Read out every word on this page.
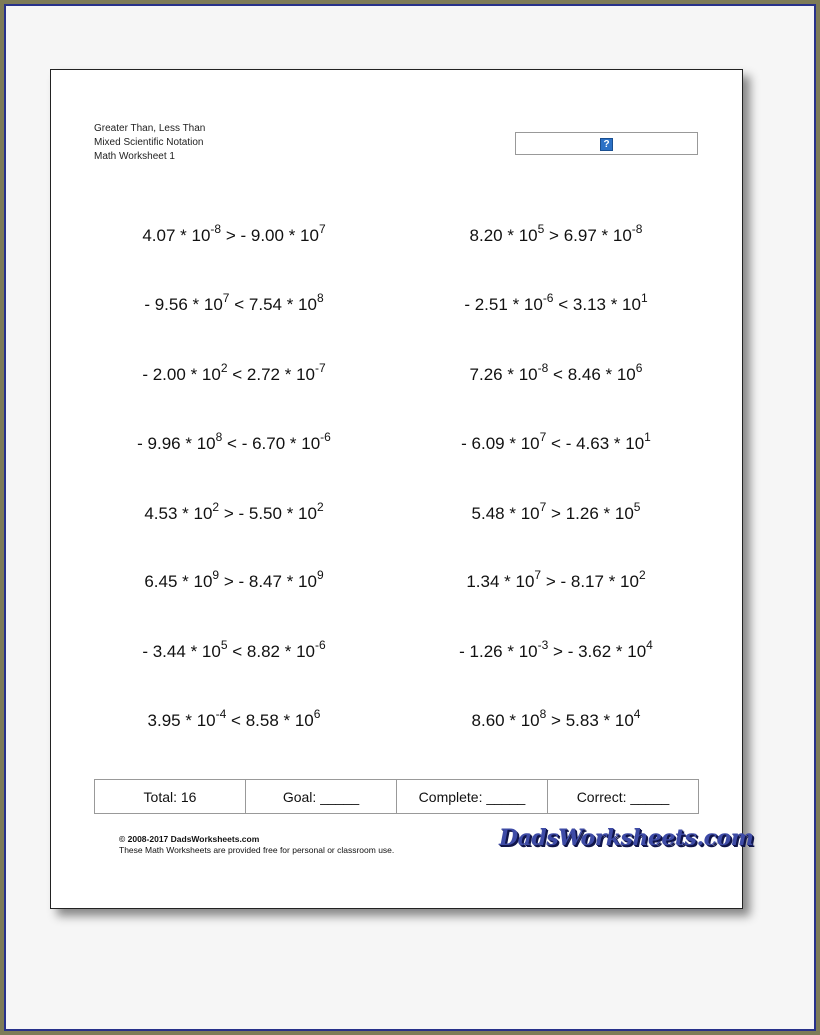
Greater Than, Less Than
Mixed Scientific Notation
Math Worksheet 1
?
Total: 16	Goal: _____	Complete: _____	Correct: _____
© 2008-2017 DadsWorksheets.com
These Math Worksheets are provided free for personal or classroom use.	DadsWorksheets.com
$4.07 * 10^{-8}$ > - $9.00 * 10^7$	$8.20 * 10^5 > 6.97 * 10^{-8}$
- $9.56 * 10^7 < 7.54 * 10^8$	- $2.51 * 10^{-6} < 3.13 * 10^1$
- $2.00 * 10^2 < 2.72 * 10^{-7}$	$7.26 * 10^{-8} < 8.46 * 10^6$
- $9.96 * 10^8$ < - $6.70 * 10^{-6}$	- $6.09 * 10^7$ < - $4.63 * 10^1$
$4.53 * 10^2$ > - $5.50 * 10^2$	$5.48 * 10^7 > 1.26 * 10^5$
$6.45 * 10^9$ > - $8.47 * 10^9$	$1.34 * 10^7$ > - $8.17 * 10^2$
- $3.44 * 10^5 < 8.82 * 10^{-6}$	- $1.26 * 10^{-3}$ > - $3.62 * 10^4$
$3.95 * 10^{-4} < 8.58 * 10^6$	$8.60 * 10^8 > 5.83 * 10^4$
